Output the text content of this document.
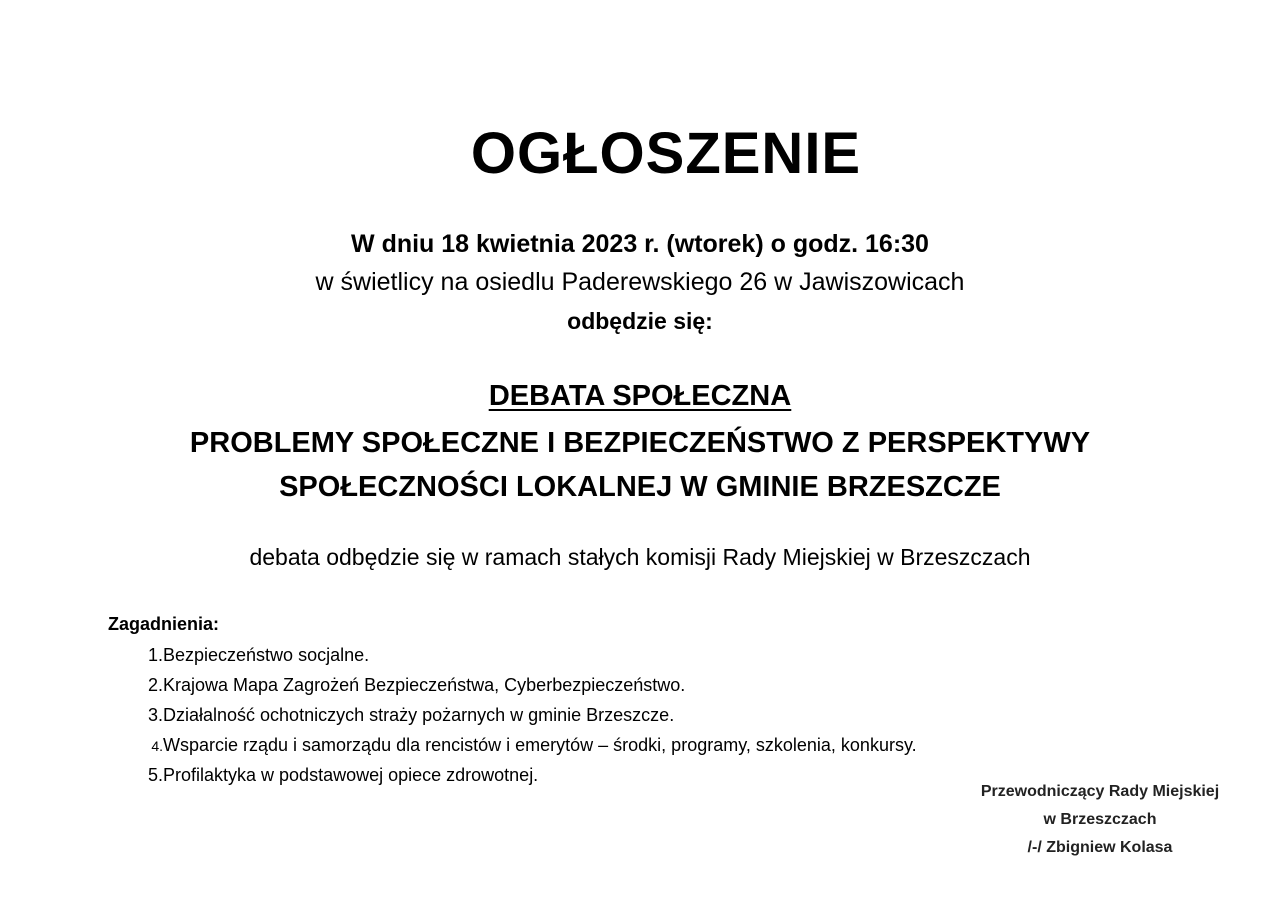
OGŁOSZENIE
W dniu 18 kwietnia 2023 r. (wtorek) o godz. 16:30
w świetlicy na osiedlu Paderewskiego 26 w Jawiszowicach
odbędzie się:
DEBATA SPOŁECZNA
PROBLEMY SPOŁECZNE I BEZPIECZEŃSTWO Z PERSPEKTYWY
SPOŁECZNOŚCI LOKALNEJ W GMINIE BRZESZCZE
debata odbędzie się w ramach stałych komisji Rady Miejskiej w Brzeszczach
Zagadnienia:
1. Bezpieczeństwo socjalne.
2. Krajowa Mapa Zagrożeń Bezpieczeństwa, Cyberbezpieczeństwo.
3. Działalność ochotniczych straży pożarnych w gminie Brzeszcze.
4. Wsparcie rządu i samorządu dla rencistów i emerytów – środki, programy, szkolenia, konkursy.
5. Profilaktyka w podstawowej opiece zdrowotnej.
Przewodniczący Rady Miejskiej
w Brzeszczach
/-/ Zbigniew Kolasa
